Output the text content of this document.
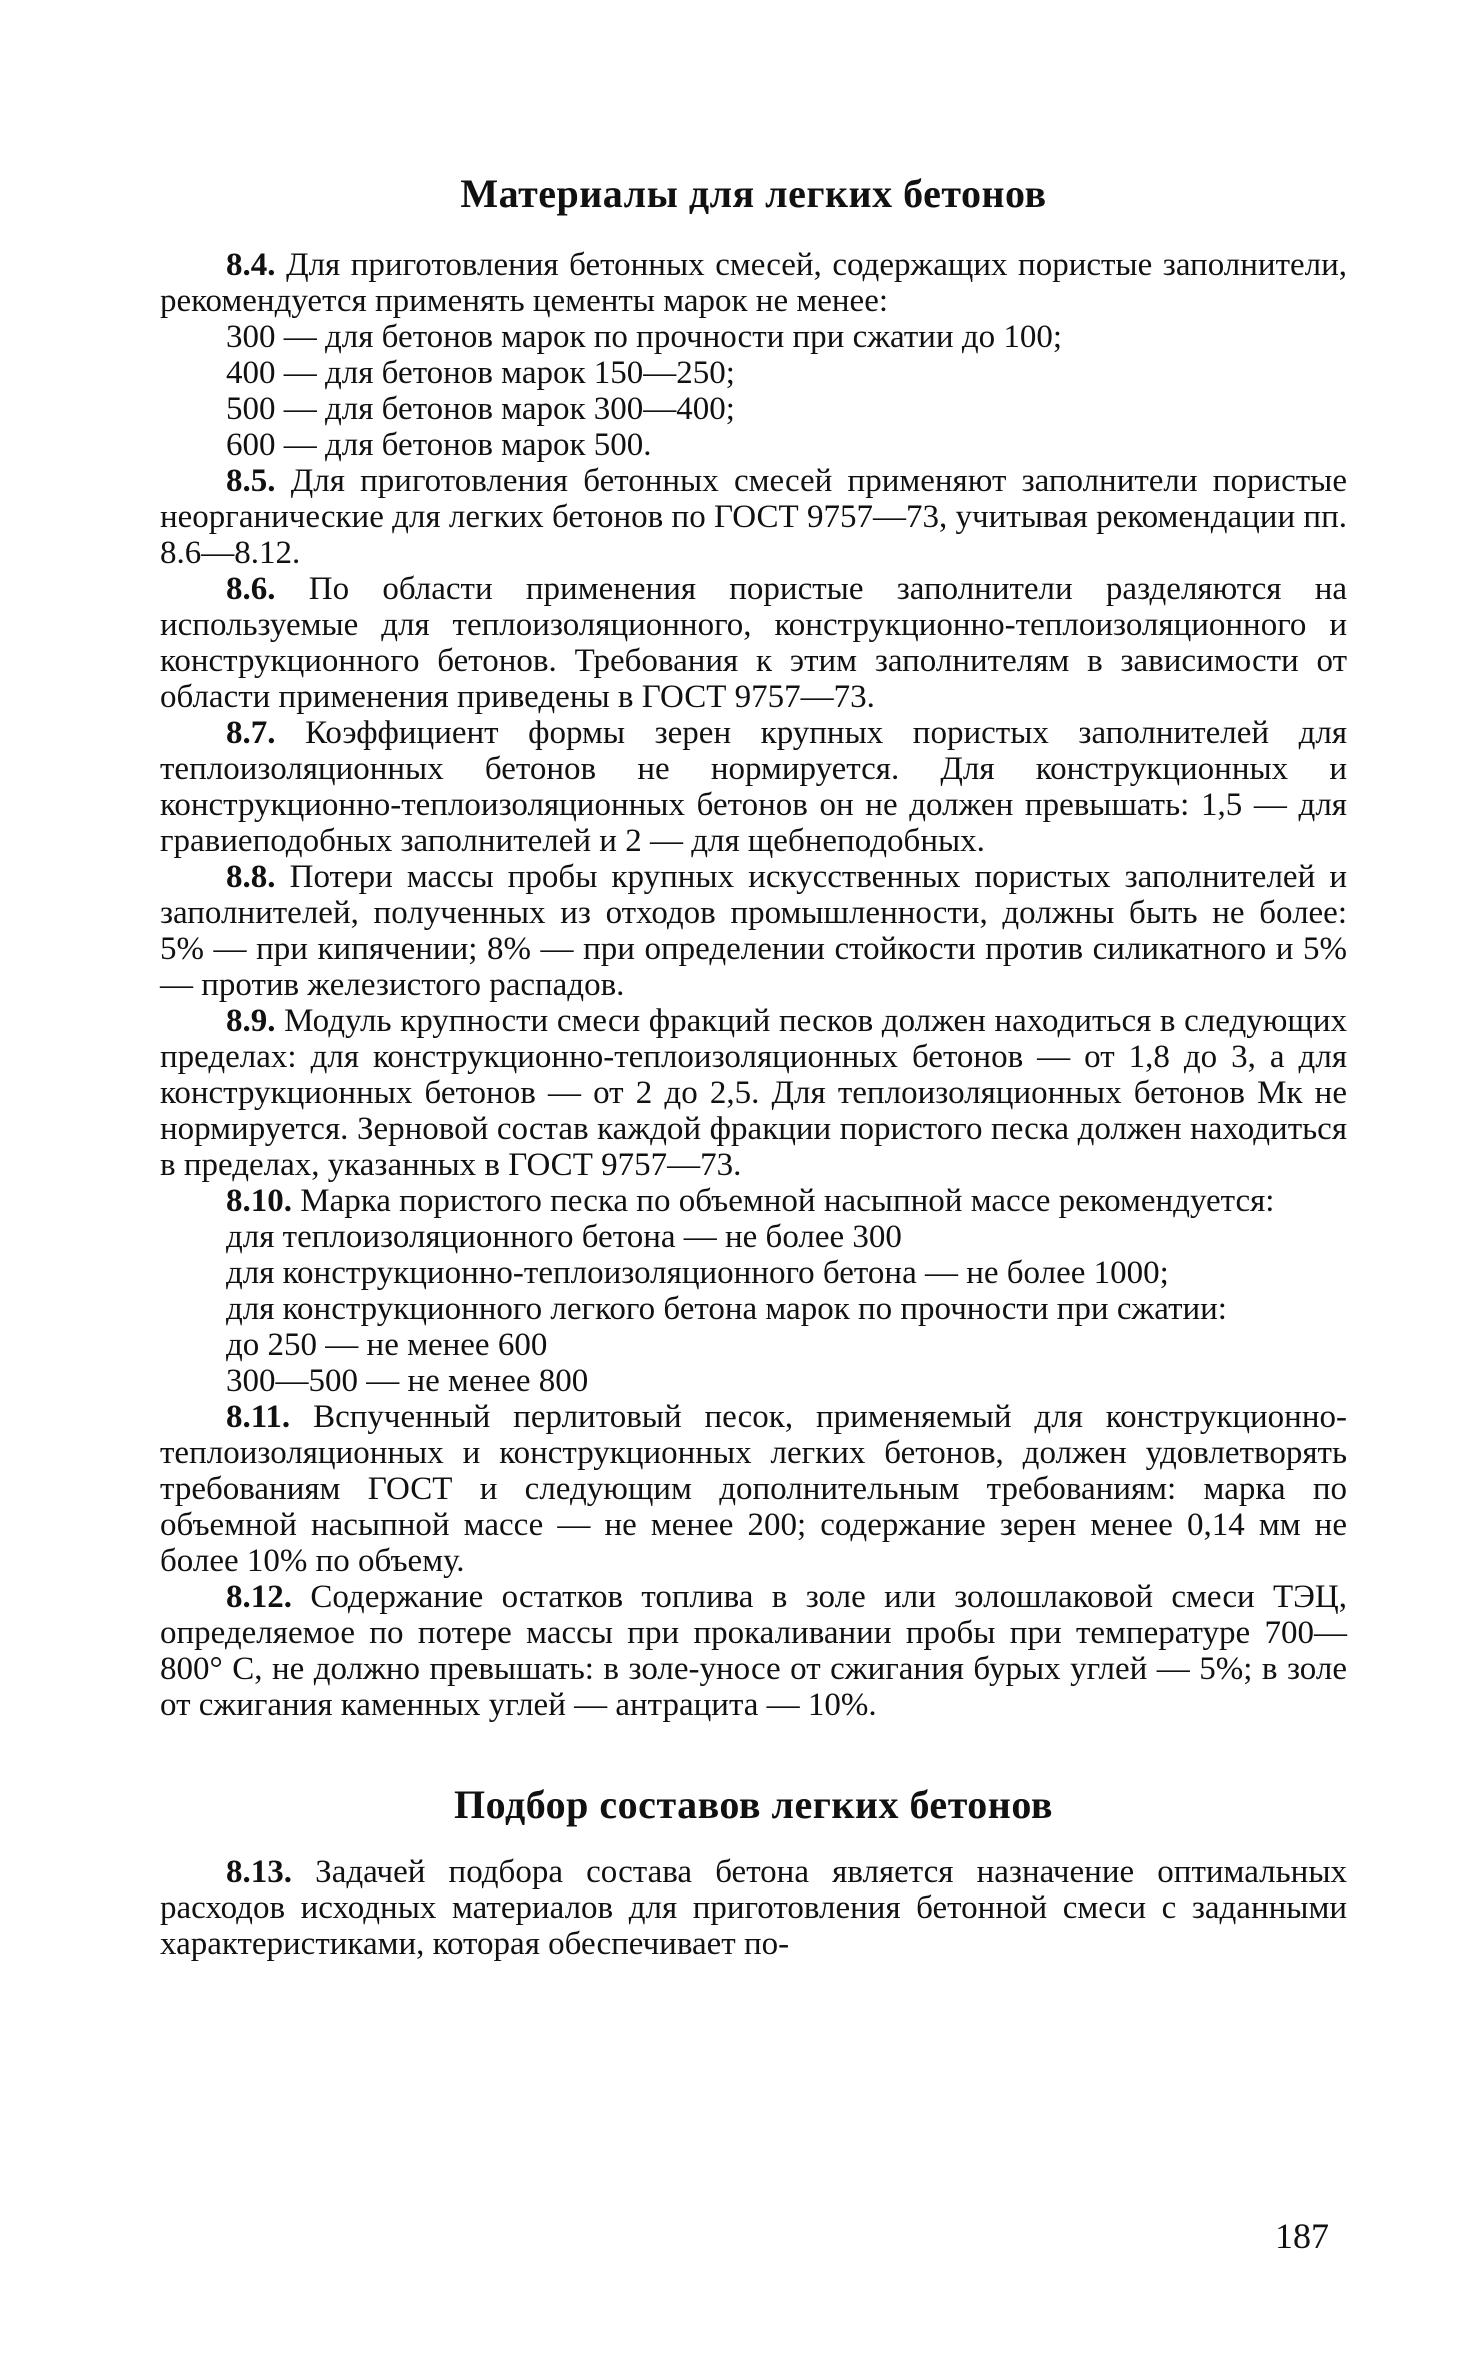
Материалы для легких бетонов

8.4. Для приготовления бетонных смесей, содержащих пористые заполнители, рекомендуется применять цементы марок не менее:

300 — для бетонов марок по прочности при сжатии до 100;

400 — для бетонов марок 150—250;

500 — для бетонов марок 300—400;

600 — для бетонов марок 500.

8.5. Для приготовления бетонных смесей применяют заполнители пористые неорганические для легких бетонов по ГОСТ 9757—73, учитывая рекомендации пп. 8.6—8.12.

8.6. По области применения пористые заполнители разделяются на используемые для теплоизоляционного, конструкционно-теплоизоляционного и конструкционного бетонов. Требования к этим заполнителям в зависимости от области применения приведены в ГОСТ 9757—73.

8.7. Коэффициент формы зерен крупных пористых заполнителей для теплоизоляционных бетонов не нормируется. Для конструкционных и конструкционно-теплоизоляционных бетонов он не должен превышать: 1,5 — для гравиеподобных заполнителей и 2 — для щебнеподобных.

8.8. Потери массы пробы крупных искусственных пористых заполнителей и заполнителей, полученных из отходов промышленности, должны быть не более: 5% — при кипячении; 8% — при определении стойкости против силикатного и 5% — против железистого распадов.

8.9. Модуль крупности смеси фракций песков должен находиться в следующих пределах: для конструкционно-теплоизоляционных бетонов — от 1,8 до 3, а для конструкционных бетонов — от 2 до 2,5. Для теплоизоляционных бетонов Мк не нормируется. Зерновой состав каждой фракции пористого песка должен находиться в пределах, указанных в ГОСТ 9757—73.

8.10. Марка пористого песка по объемной насыпной массе рекомендуется:

для теплоизоляционного бетона — не более 300

для конструкционно-теплоизоляционного бетона — не более 1000;

для конструкционного легкого бетона марок по прочности при сжатии:

до 250 — не менее 600

300—500 — не менее 800

8.11. Вспученный перлитовый песок, применяемый для конструкционно-теплоизоляционных и конструкционных легких бетонов, должен удовлетворять требованиям ГОСТ и следующим дополнительным требованиям: марка по объемной насыпной массе — не менее 200; содержание зерен менее 0,14 мм не более 10% по объему.

8.12. Содержание остатков топлива в золе или золошлаковой смеси ТЭЦ, определяемое по потере массы при прокаливании пробы при температуре 700—800° С, не должно превышать: в золе-уносе от сжигания бурых углей — 5%; в золе от сжигания каменных углей — антрацита — 10%.

Подбор составов легких бетонов

8.13. Задачей подбора состава бетона является назначение оптимальных расходов исходных материалов для приготовления бетонной смеси с заданными характеристиками, которая обеспечивает по-

187
